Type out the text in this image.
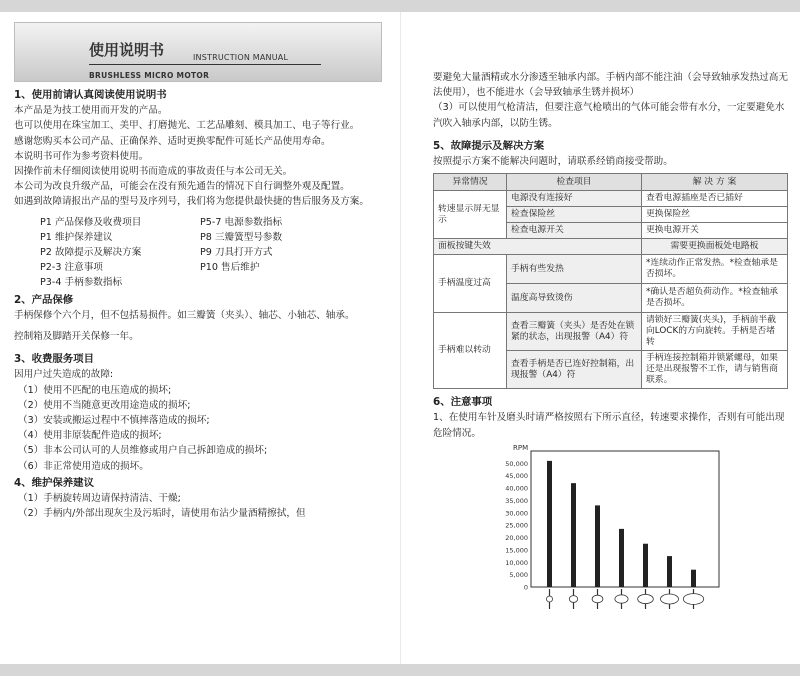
使用说明书	INSTRUCTION MANUAL
BRUSHLESS MICRO MOTOR

1、使用前请认真阅读使用说明书

本产品是为技工使用而开发的产品。

也可以使用在珠宝加工、美甲、打磨抛光、工艺品雕刻、模具加工、电子等行业。

感谢您购买本公司产品、正确保养、适时更换零配件可延长产品使用寿命。

本说明书可作为参考资料使用。

因操作前未仔细阅读使用说明书而造成的事故责任与本公司无关。

本公司为改良升级产品，可能会在没有预先通告的情况下自行调整外观及配置。

如遇到故障请报出产品的型号及序列号，我们将为您提供最快捷的售后服务及方案。

P1 产品保修及收费项目	P5-7 电源参数指标
P1 维护保养建议	P8 三瓣簧型号参数
P2 故障提示及解决方案	P9 刀具打开方式
P2-3 注意事项	P10 售后维护
P3-4 手柄参数指标

2、产品保修

手柄保修个六个月，但不包括易损件。如三瓣簧（夹头）、轴芯、小轴芯、轴承。

控制箱及脚踏开关保修一年。

3、收费服务项目

因用户过失造成的故障:

（1）使用不匹配的电压造成的损坏;

（2）使用不当随意更改用途造成的损坏;

（3）安装或搬运过程中不慎摔落造成的损坏;

（4）使用非原装配件造成的损坏;

（5）非本公司认可的人员维修或用户自己拆卸造成的损坏;

（6）非正常使用造成的损坏。

4、维护保养建议

（1）手柄旋转周边请保持清洁、干燥;

（2）手柄内/外部出现灰尘及污垢时，请使用布沾少量酒精擦拭，但

要避免大量酒精或水分渗透至轴承内部。手柄内部不能注油（会导致轴承发热过高无法使用），也不能进水（会导致轴承生锈并损坏）

（3）可以使用气枪清洁，但要注意气枪喷出的气体可能会带有水分，一定要避免水汽吹入轴承内部，以防生锈。

5、故障提示及解决方案

按照提示方案不能解决问题时，请联系经销商接受帮助。

异常情况	检查项目	解 决 方 案
转速显示屏无显示	电源没有连接好	查看电源插座是否已插好
	检查保险丝	更换保险丝
	检查电源开关	更换电源开关
面板按键失效		需要更换面板处电路板
手柄温度过高	手柄有些发热	*连续动作正常发热。*检查轴承是否损坏。
	温度高导致烫伤	*确认是否超负荷动作。*检查轴承是否损坏。
手柄难以转动	查看三瓣簧（夹头）是否处在锁紧的状态，出现报警（A4）符	请锁好三瓣簧(夹头)，手柄前半截向LOCK的方向旋转。手柄是否堵转
	查看手柄是否已连好控制箱，出现报警（A4）符	手柄连接控制箱并锁紧螺母，如果还是出现报警不工作，请与销售商联系。

6、注意事项

1、在使用车针及磨头时请严格按照右下所示直径，转速要求操作，否则有可能出现危险情况。

RPM
50,000
45,000
40,000
35,000
30,000
25,000
20,000
15,000
10,000
5,000
0
